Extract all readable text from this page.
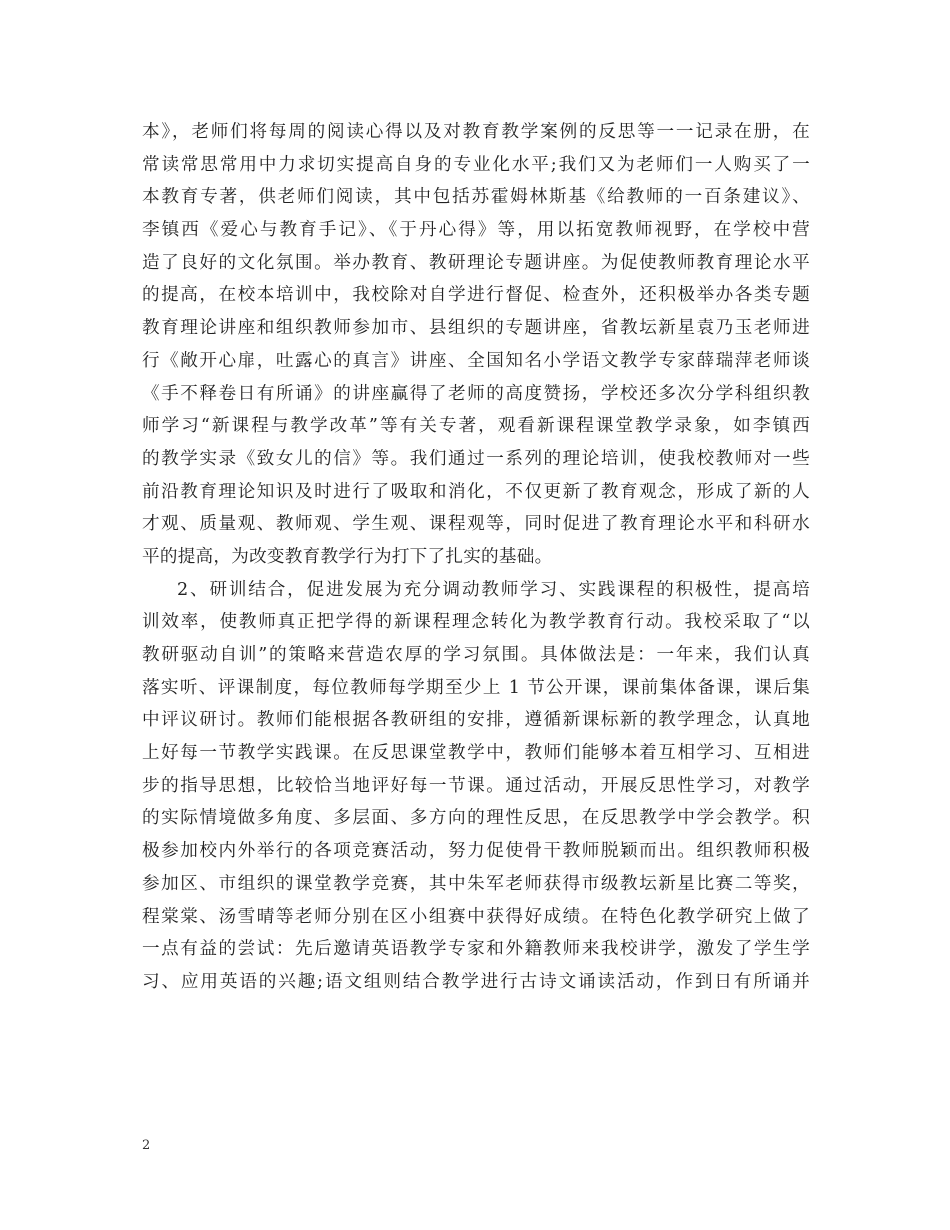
本》，老师们将每周的阅读心得以及对教育教学案例的反思等一一记录在册，在
常读常思常用中力求切实提高自身的专业化水平;我们又为老师们一人购买了一
本教育专著，供老师们阅读，其中包括苏霍姆林斯基《给教师的一百条建议》、
李镇西《爱心与教育手记》、《于丹心得》等，用以拓宽教师视野，在学校中营
造了良好的文化氛围。举办教育、教研理论专题讲座。为促使教师教育理论水平
的提高，在校本培训中，我校除对自学进行督促、检查外，还积极举办各类专题
教育理论讲座和组织教师参加市、县组织的专题讲座，省教坛新星袁乃玉老师进
行《敞开心扉，吐露心的真言》讲座、全国知名小学语文教学专家薛瑞萍老师谈
《手不释卷日有所诵》的讲座赢得了老师的高度赞扬，学校还多次分学科组织教
师学习“新课程与教学改革”等有关专著，观看新课程课堂教学录象，如李镇西
的教学实录《致女儿的信》等。我们通过一系列的理论培训，使我校教师对一些
前沿教育理论知识及时进行了吸取和消化，不仅更新了教育观念，形成了新的人
才观、质量观、教师观、学生观、课程观等，同时促进了教育理论水平和科研水
平的提高，为改变教育教学行为打下了扎实的基础。
2、研训结合，促进发展为充分调动教师学习、实践课程的积极性，提高培
训效率，使教师真正把学得的新课程理念转化为教学教育行动。我校采取了“以
教研驱动自训”的策略来营造农厚的学习氛围。具体做法是：一年来，我们认真
落实听、评课制度，每位教师每学期至少上 1 节公开课，课前集体备课，课后集
中评议研讨。教师们能根据各教研组的安排，遵循新课标新的教学理念，认真地
上好每一节教学实践课。在反思课堂教学中，教师们能够本着互相学习、互相进
步的指导思想，比较恰当地评好每一节课。通过活动，开展反思性学习，对教学
的实际情境做多角度、多层面、多方向的理性反思，在反思教学中学会教学。积
极参加校内外举行的各项竞赛活动，努力促使骨干教师脱颖而出。组织教师积极
参加区、市组织的课堂教学竞赛，其中朱军老师获得市级教坛新星比赛二等奖，
程棠棠、汤雪晴等老师分别在区小组赛中获得好成绩。在特色化教学研究上做了
一点有益的尝试：先后邀请英语教学专家和外籍教师来我校讲学，激发了学生学
习、应用英语的兴趣;语文组则结合教学进行古诗文诵读活动，作到日有所诵并
2
